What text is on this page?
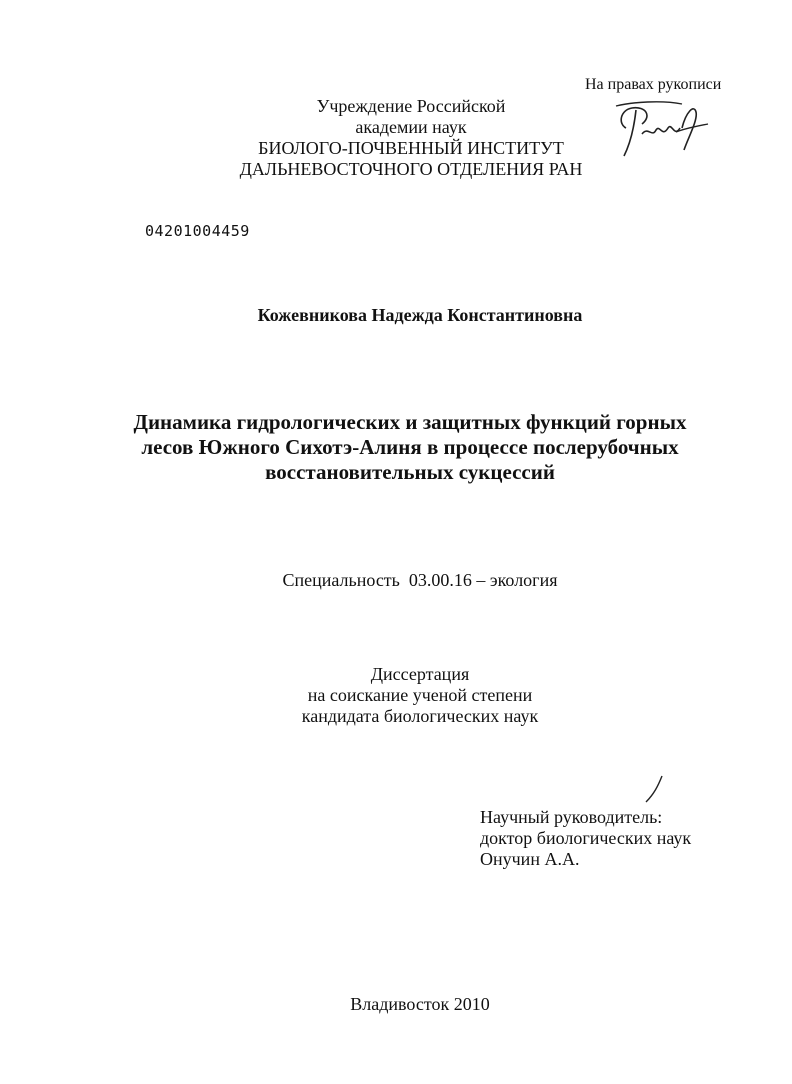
На правах рукописи
Учреждение Российской
академии наук
БИОЛОГО-ПОЧВЕННЫЙ ИНСТИТУТ
ДАЛЬНЕВОСТОЧНОГО ОТДЕЛЕНИЯ РАН
04201004459
Кожевникова Надежда Константиновна
Динамика гидрологических и защитных функций горных
лесов Южного Сихотэ-Алиня в процессе послерубочных
восстановительных сукцессий
Специальность  03.00.16 – экология
Диссертация
на соискание ученой степени
кандидата биологических наук
Научный руководитель:
доктор биологических наук
Онучин А.А.
Владивосток 2010
